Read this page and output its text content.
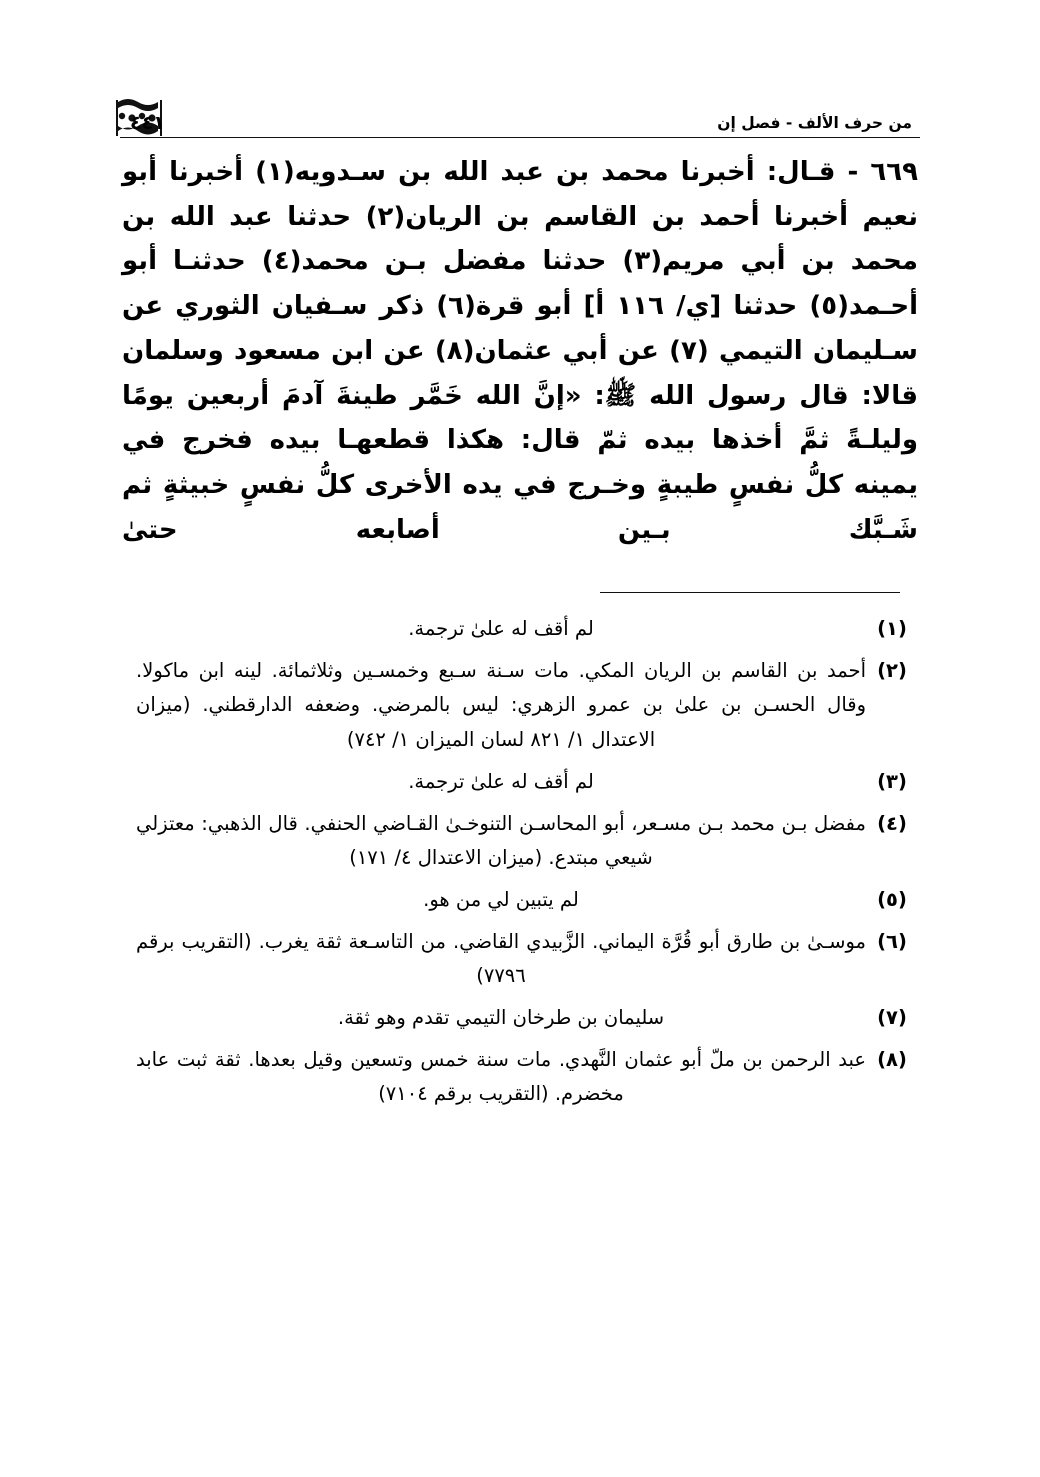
٤٤١	من حرف الألف - فصل إن
٦٦٩ - قـال: أخبرنا محمد بن عبد الله بن سـدويه(١) أخبرنا أبو نعيم أخبرنا أحمد بن القاسم بن الريان(٢) حدثنا عبد الله بن محمد بن أبي مريم(٣) حدثنا مفضل بـن محمد(٤) حدثنـا أبو أحـمد(٥) حدثنا [ي/ ١١٦ أ] أبو قرة(٦) ذكر سـفيان الثوري عن سـليمان التيمي (٧) عن أبي عثمان(٨) عن ابن مسعود وسلمان قالا: قال رسول الله ﷺ: «إنَّ الله خَمَّر طينةَ آدمَ أربعين يومًا وليلـةً ثمَّ أخذها بيده ثمّ قال: هكذا قطعهـا بيده فخرج في يمينه كلُّ نفسٍ طيبةٍ وخـرج في يده الأخرى كلُّ نفسٍ خبيثةٍ ثم شَـبَّك بـين أصابعه حتىٰ
(١)
لم أقف له علىٰ ترجمة.
(٢)
أحمد بن القاسم بن الريان المكي. مات سـنة سـبع وخمسـين وثلاثمائة. لينه ابن ماكولا. وقال الحسـن بن علىٰ بن عمرو الزهري: ليس بالمرضي. وضعفه الدارقطني. (ميزان الاعتدال ١/ ٨٢١ لسان الميزان ١/ ٧٤٢)
(٣)
لم أقف له علىٰ ترجمة.
(٤)
مفضل بـن محمد بـن مسـعر، أبو المحاسـن التنوخـىٰ القـاضي الحنفي. قال الذهبي: معتزلي شيعي مبتدع. (ميزان الاعتدال ٤/ ١٧١)
(٥)
لم يتبين لي من هو.
(٦)
موسـىٰ بن طارق أبو قُرَّة اليماني. الزَّبيدي القاضي. من التاسـعة ثقة يغرب. (التقريب برقم ٧٧٩٦)
(٧)
سليمان بن طرخان التيمي تقدم وهو ثقة.
(٨)
عبد الرحمن بن ملّ أبو عثمان النَّهدي. مات سنة خمس وتسعين وقيل بعدها. ثقة ثبت عابد مخضرم. (التقريب برقم ٧١٠٤)
